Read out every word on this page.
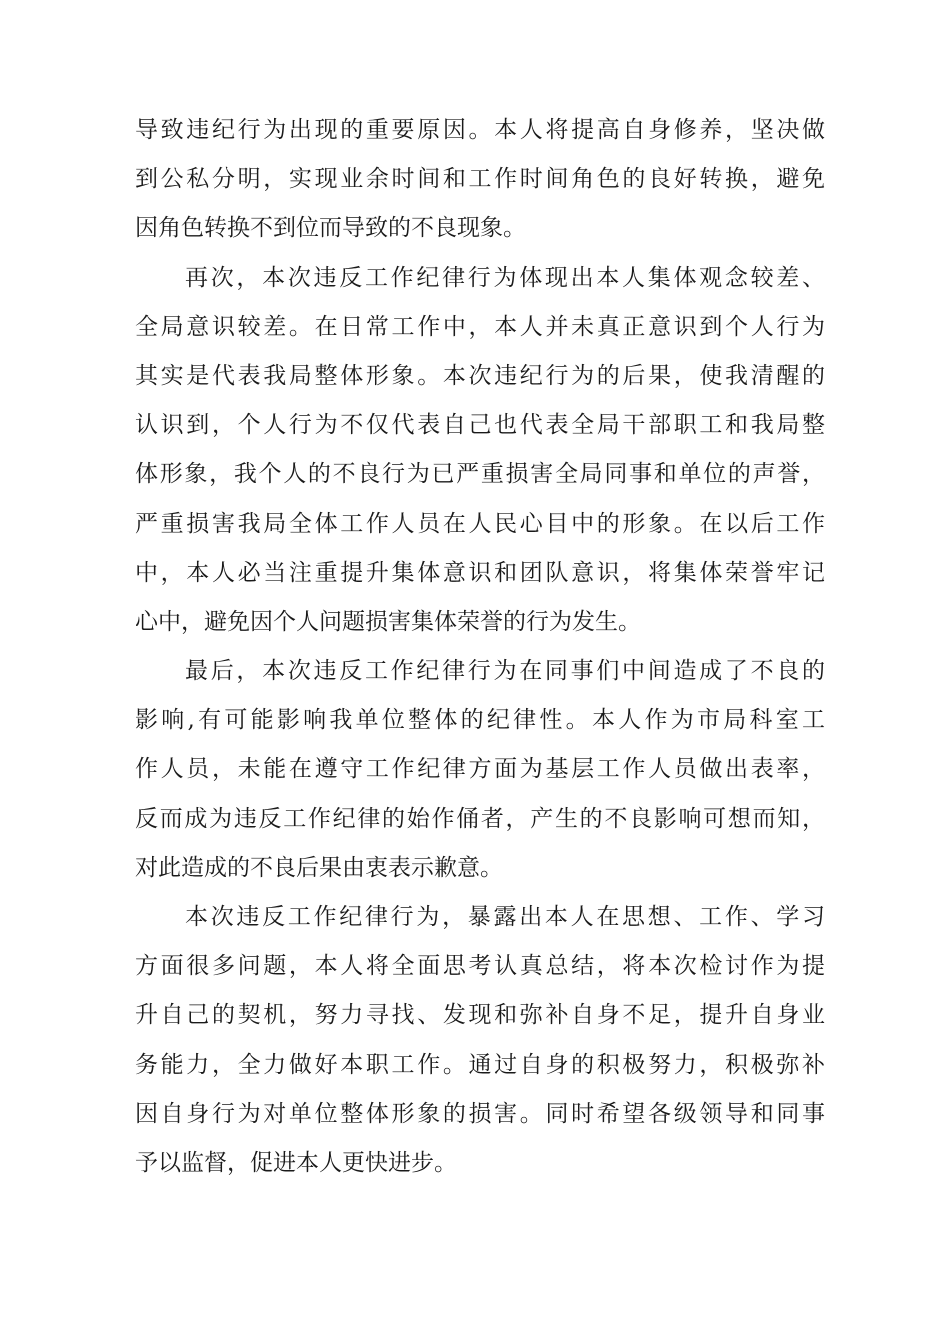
导致违纪行为出现的重要原因。本人将提高自身修养，坚决做
到公私分明，实现业余时间和工作时间角色的良好转换，避免
因角色转换不到位而导致的不良现象。
再次，本次违反工作纪律行为体现出本人集体观念较差、
全局意识较差。在日常工作中，本人并未真正意识到个人行为
其实是代表我局整体形象。本次违纪行为的后果，使我清醒的
认识到，个人行为不仅代表自己也代表全局干部职工和我局整
体形象，我个人的不良行为已严重损害全局同事和单位的声誉，
严重损害我局全体工作人员在人民心目中的形象。在以后工作
中，本人必当注重提升集体意识和团队意识，将集体荣誉牢记
心中，避免因个人问题损害集体荣誉的行为发生。
最后，本次违反工作纪律行为在同事们中间造成了不良的
影响,有可能影响我单位整体的纪律性。本人作为市局科室工
作人员，未能在遵守工作纪律方面为基层工作人员做出表率，
反而成为违反工作纪律的始作俑者，产生的不良影响可想而知，
对此造成的不良后果由衷表示歉意。
本次违反工作纪律行为，暴露出本人在思想、工作、学习
方面很多问题，本人将全面思考认真总结，将本次检讨作为提
升自己的契机，努力寻找、发现和弥补自身不足，提升自身业
务能力，全力做好本职工作。通过自身的积极努力，积极弥补
因自身行为对单位整体形象的损害。同时希望各级领导和同事
予以监督，促进本人更快进步。
